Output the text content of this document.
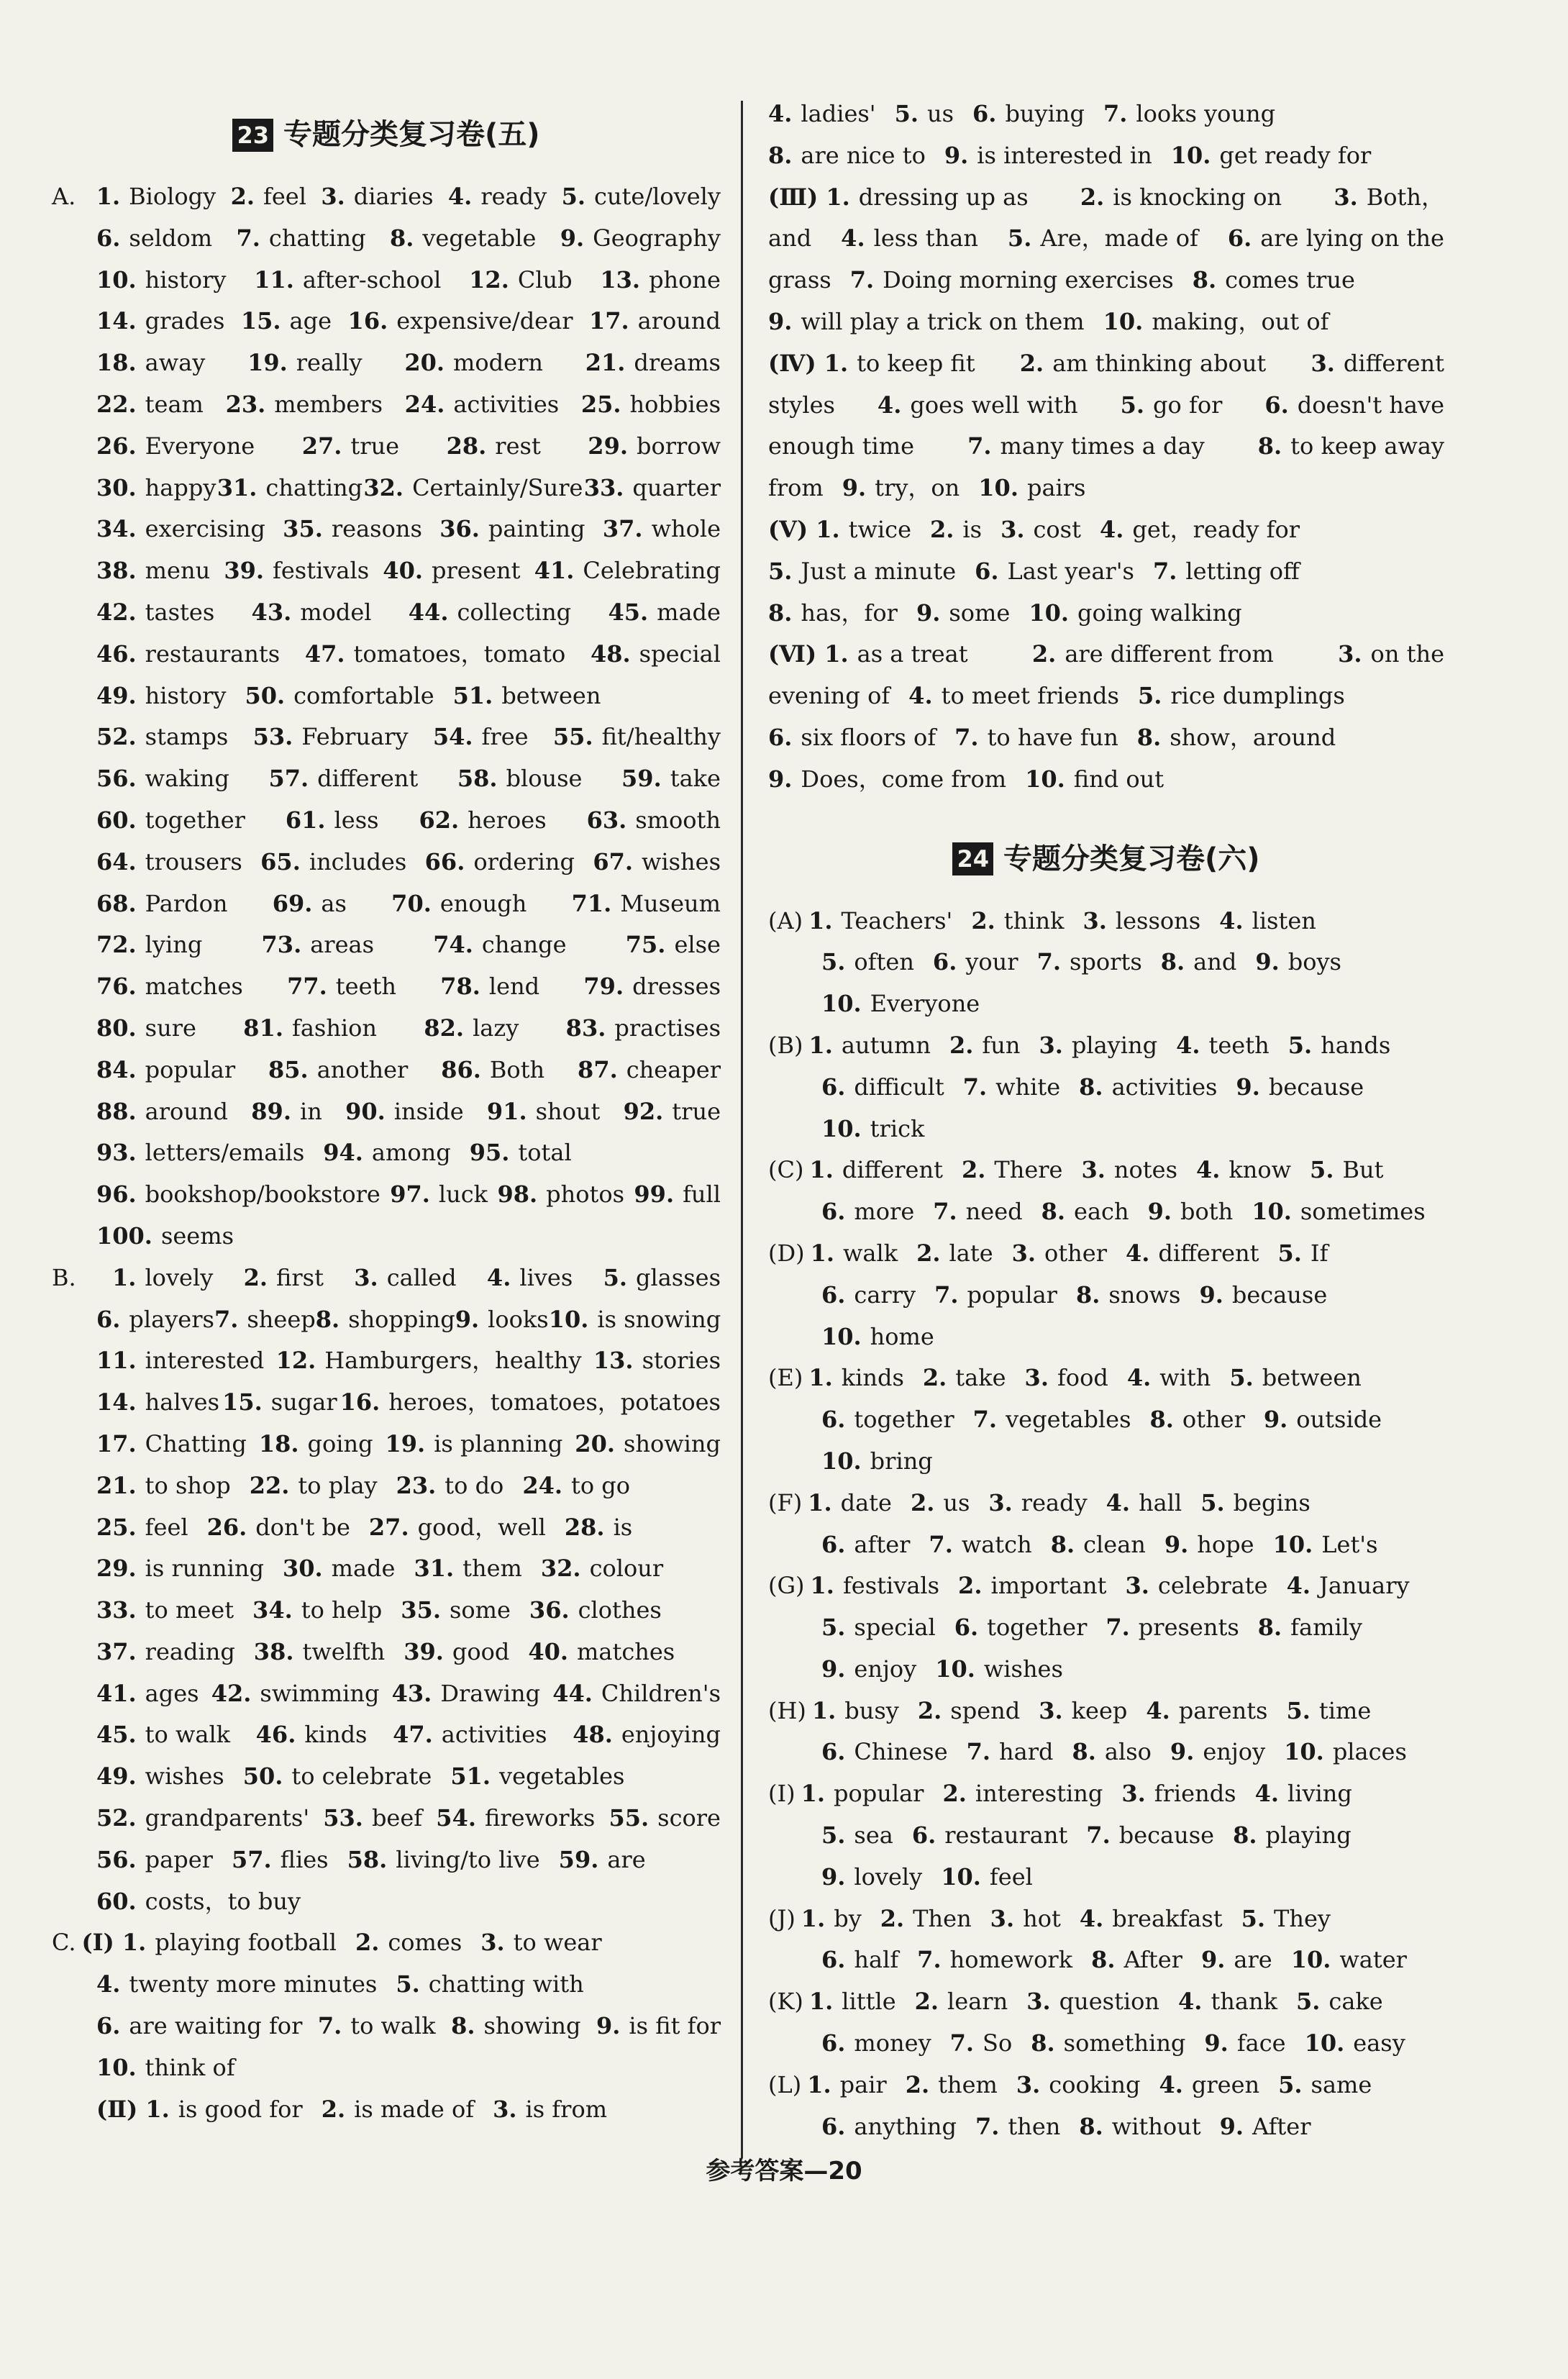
23 专题分类复习卷(五)
A. 1. Biology 2. feel 3. diaries 4. ready 5. cute/lovely
6. seldom 7. chatting 8. vegetable 9. Geography
10. history 11. after-school 12. Club 13. phone
14. grades 15. age 16. expensive/dear 17. around
18. away 19. really 20. modern 21. dreams
22. team 23. members 24. activities 25. hobbies
26. Everyone 27. true 28. rest 29. borrow
30. happy 31. chatting 32. Certainly/Sure 33. quarter
34. exercising 35. reasons 36. painting 37. whole
38. menu 39. festivals 40. present 41. Celebrating
42. tastes 43. model 44. collecting 45. made
46. restaurants 47. tomatoes，tomato 48. special
49. history 50. comfortable 51. between
52. stamps 53. February 54. free 55. fit/healthy
56. waking 57. different 58. blouse 59. take
60. together 61. less 62. heroes 63. smooth
64. trousers 65. includes 66. ordering 67. wishes
68. Pardon 69. as 70. enough 71. Museum
72. lying	73. areas	74. change	75. else
76. matches 77. teeth 78. lend 79. dresses
80. sure 81. fashion 82. lazy 83. practises
84. popular 85. another 86. Both 87. cheaper
88. around 89. in 90. inside 91. shout 92. true
93. letters/emails 94. among 95. total
96. bookshop/bookstore 97. luck 98. photos 99. full
100. seems
B. 1. lovely 2. first 3. called 4. lives 5. glasses
6. players 7. sheep 8. shopping 9. looks 10. is snowing
11. interested 12. Hamburgers，healthy 13. stories
14. halves 15. sugar 16. heroes，tomatoes，potatoes
17. Chatting 18. going 19. is planning 20. showing
21. to shop 22. to play 23. to do 24. to go
25. feel 26. don't be 27. good，well 28. is
29. is running 30. made 31. them 32. colour
33. to meet 34. to help 35. some 36. clothes
37. reading 38. twelfth 39. good 40. matches
41. ages 42. swimming 43. Drawing 44. Children's
45. to walk 46. kinds 47. activities 48. enjoying
49. wishes 50. to celebrate 51. vegetables
52. grandparents' 53. beef 54. fireworks 55. score
56. paper 57. flies 58. living/to live 59. are
60. costs，to buy
C. (Ⅰ) 1. playing football 2. comes 3. to wear
4. twenty more minutes 5. chatting with
6. are waiting for 7. to walk 8. showing 9. is fit for
10. think of
(Ⅱ) 1. is good for 2. is made of 3. is from
4. ladies' 5. us 6. buying 7. looks young
8. are nice to 9. is interested in 10. get ready for
(Ⅲ) 1. dressing up as 2. is knocking on 3. Both，
and 4. less than 5. Are，made of 6. are lying on the
grass 7. Doing morning exercises 8. comes true
9. will play a trick on them 10. making，out of
(Ⅳ) 1. to keep fit 2. am thinking about 3. different
styles 4. goes well with 5. go for 6. doesn't have
enough time 7. many times a day 8. to keep away
from 9. try，on 10. pairs
(Ⅴ) 1. twice 2. is 3. cost 4. get，ready for
5. Just a minute 6. Last year's 7. letting off
8. has，for 9. some 10. going walking
(Ⅵ) 1. as a treat	2. are different from	3. on the
evening of 4. to meet friends 5. rice dumplings
6. six floors of 7. to have fun 8. show，around
9. Does，come from 10. find out
24 专题分类复习卷(六)
(A) 1. Teachers' 2. think 3. lessons 4. listen
5. often 6. your 7. sports 8. and 9. boys
10. Everyone
(B) 1. autumn 2. fun 3. playing 4. teeth 5. hands
6. difficult 7. white 8. activities 9. because
10. trick
(C) 1. different 2. There 3. notes 4. know 5. But
6. more 7. need 8. each 9. both 10. sometimes
(D) 1. walk 2. late 3. other 4. different 5. If
6. carry 7. popular 8. snows 9. because
10. home
(E) 1. kinds 2. take 3. food 4. with 5. between
6. together 7. vegetables 8. other 9. outside
10. bring
(F) 1. date 2. us 3. ready 4. hall 5. begins
6. after 7. watch 8. clean 9. hope 10. Let's
(G) 1. festivals 2. important 3. celebrate 4. January
5. special 6. together 7. presents 8. family
9. enjoy 10. wishes
(H) 1. busy 2. spend 3. keep 4. parents 5. time
6. Chinese 7. hard 8. also 9. enjoy 10. places
(I) 1. popular 2. interesting 3. friends 4. living
5. sea 6. restaurant 7. because 8. playing
9. lovely 10. feel
(J) 1. by 2. Then 3. hot 4. breakfast 5. They
6. half 7. homework 8. After 9. are 10. water
(K) 1. little 2. learn 3. question 4. thank 5. cake
6. money 7. So 8. something 9. face 10. easy
(L) 1. pair 2. them 3. cooking 4. green 5. same
6. anything 7. then 8. without 9. After
参考答案—20
